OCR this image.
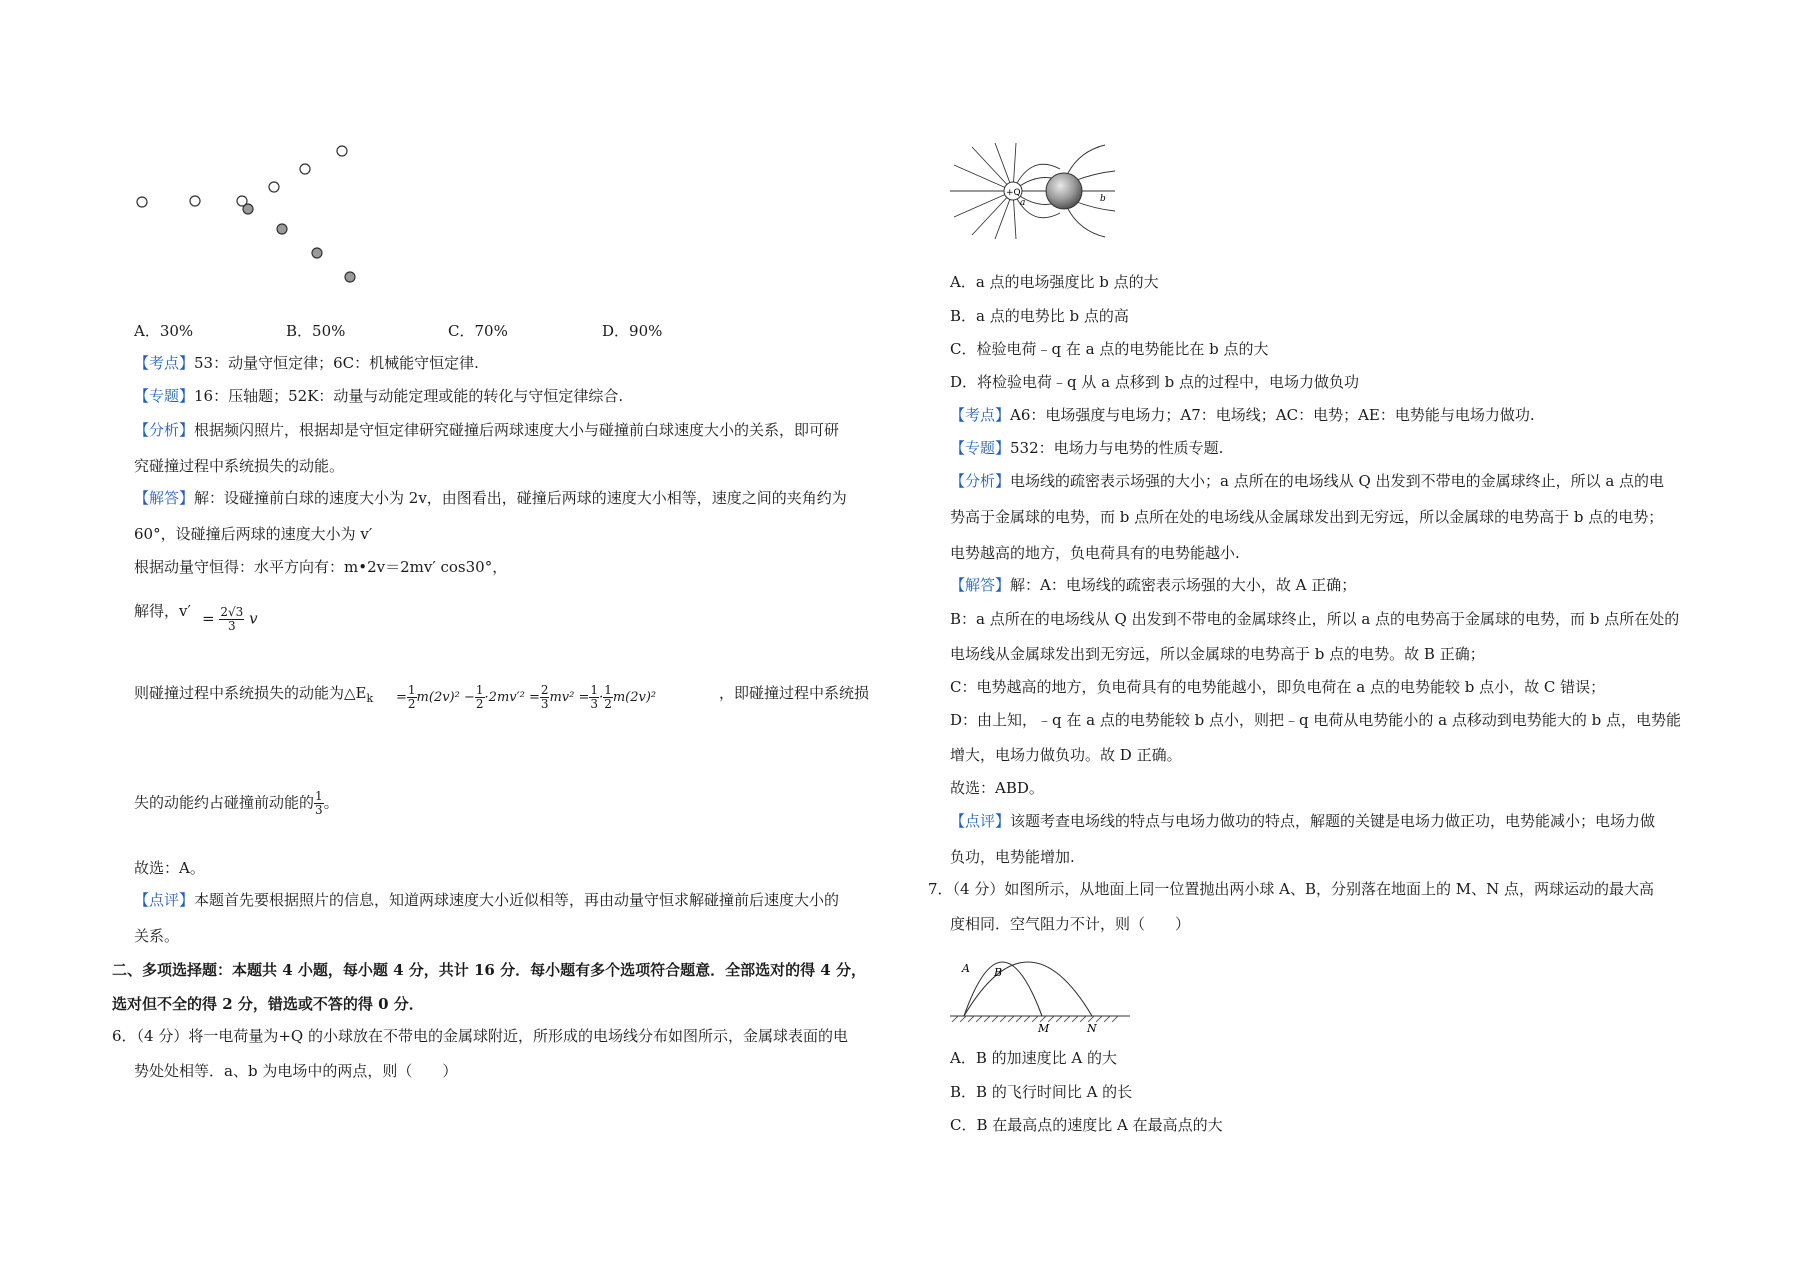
A．30%	B．50%	C．70%	D．90%
【考点】53：动量守恒定律；6C：机械能守恒定律.
【专题】16：压轴题；52K：动量与动能定理或能的转化与守恒定律综合.
【分析】根据频闪照片，根据却是守恒定律研究碰撞后两球速度大小与碰撞前白球速度大小的关系，即可研
究碰撞过程中系统损失的动能。
【解答】解：设碰撞前白球的速度大小为 2v，由图看出，碰撞后两球的速度大小相等，速度之间的夹角约为
60°，设碰撞后两球的速度大小为 v′
根据动量守恒得：水平方向有：m•2v＝2mv′ cos30°，
解得，$v' = \frac{2√3}{3}$ v
则碰撞过程中系统损失的动能为$\triangle E_k = \frac{1}{2} m(2v)^2 - \frac{1}{2} \cdot 2mv'^2 = \frac{2}{3} mv^2 = \frac{1}{3} \cdot \frac{1}{2} m(2v)^2$	，即碰撞过程中系统损
失的动能约占碰撞前动能的 $\frac{1}{3}$ 。
故选：A。
【点评】本题首先要根据照片的信息，知道两球速度大小近似相等，再由动量守恒求解碰撞前后速度大小的
关系。
二、多项选择题：本题共 4 小题，每小题 4 分，共计 16 分．每小题有多个选项符合题意．全部选对的得 4 分，
选对但不全的得 2 分，错选或不答的得 0 分．
6．（4 分）将一电荷量为+Q 的小球放在不带电的金属球附近，所形成的电场线分布如图所示，金属球表面的电
势处处相等．a、b 为电场中的两点，则（　　）
+Q
a	b
A．a 点的电场强度比 b 点的大
B．a 点的电势比 b 点的高
C．检验电荷﹣q 在 a 点的电势能比在 b 点的大
D．将检验电荷﹣q 从 a 点移到 b 点的过程中，电场力做负功
【考点】A6：电场强度与电场力；A7：电场线；AC：电势；AE：电势能与电场力做功.
【专题】532：电场力与电势的性质专题.
【分析】电场线的疏密表示场强的大小；a 点所在的电场线从 Q 出发到不带电的金属球终止，所以 a 点的电
势高于金属球的电势，而 b 点所在处的电场线从金属球发出到无穷远，所以金属球的电势高于 b 点的电势；
电势越高的地方，负电荷具有的电势能越小.
【解答】解：A：电场线的疏密表示场强的大小，故 A 正确；
B：a 点所在的电场线从 Q 出发到不带电的金属球终止，所以 a 点的电势高于金属球的电势，而 b 点所在处的
电场线从金属球发出到无穷远，所以金属球的电势高于 b 点的电势。故 B 正确；
C：电势越高的地方，负电荷具有的电势能越小，即负电荷在 a 点的电势能较 b 点小，故 C 错误；
D：由上知，﹣q 在 a 点的电势能较 b 点小，则把﹣q 电荷从电势能小的 a 点移动到电势能大的 b 点，电势能
增大，电场力做负功。故 D 正确。
故选：ABD。
【点评】该题考查电场线的特点与电场力做功的特点，解题的关键是电场力做正功，电势能减小；电场力做
负功，电势能增加.
7．（4 分）如图所示，从地面上同一位置抛出两小球 A、B，分别落在地面上的 M、N 点，两球运动的最大高
度相同．空气阻力不计，则（　　）
A B
M	N
A．B 的加速度比 A 的大
B．B 的飞行时间比 A 的长
C．B 在最高点的速度比 A 在最高点的大
